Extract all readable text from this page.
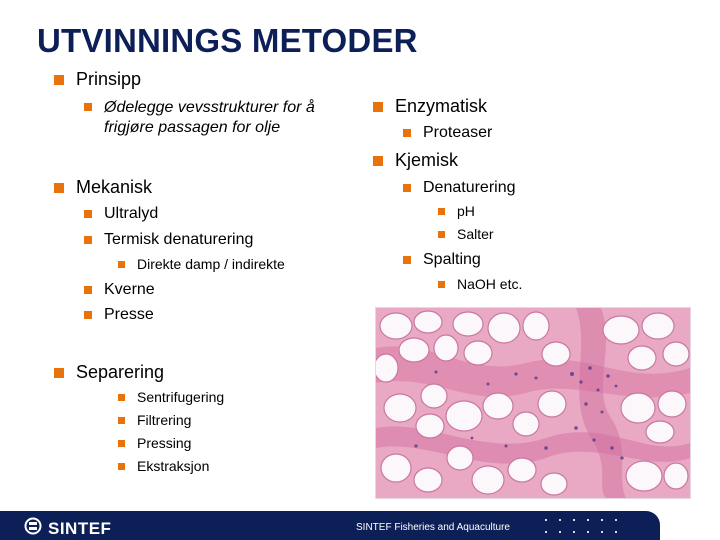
UTVINNINGS METODER
Prinsipp
Ødelegge vevsstrukturer for å
frigjøre passagen for olje
Mekanisk
Ultralyd
Termisk denaturering
Direkte damp / indirekte
Kverne
Presse
Separering
Sentrifugering
Filtrering
Pressing
Ekstraksjon
Enzymatisk
Proteaser
Kjemisk
Denaturering
pH
Salter
Spalting
NaOH etc.
SINTEF	SINTEF Fisheries and Aquaculture
